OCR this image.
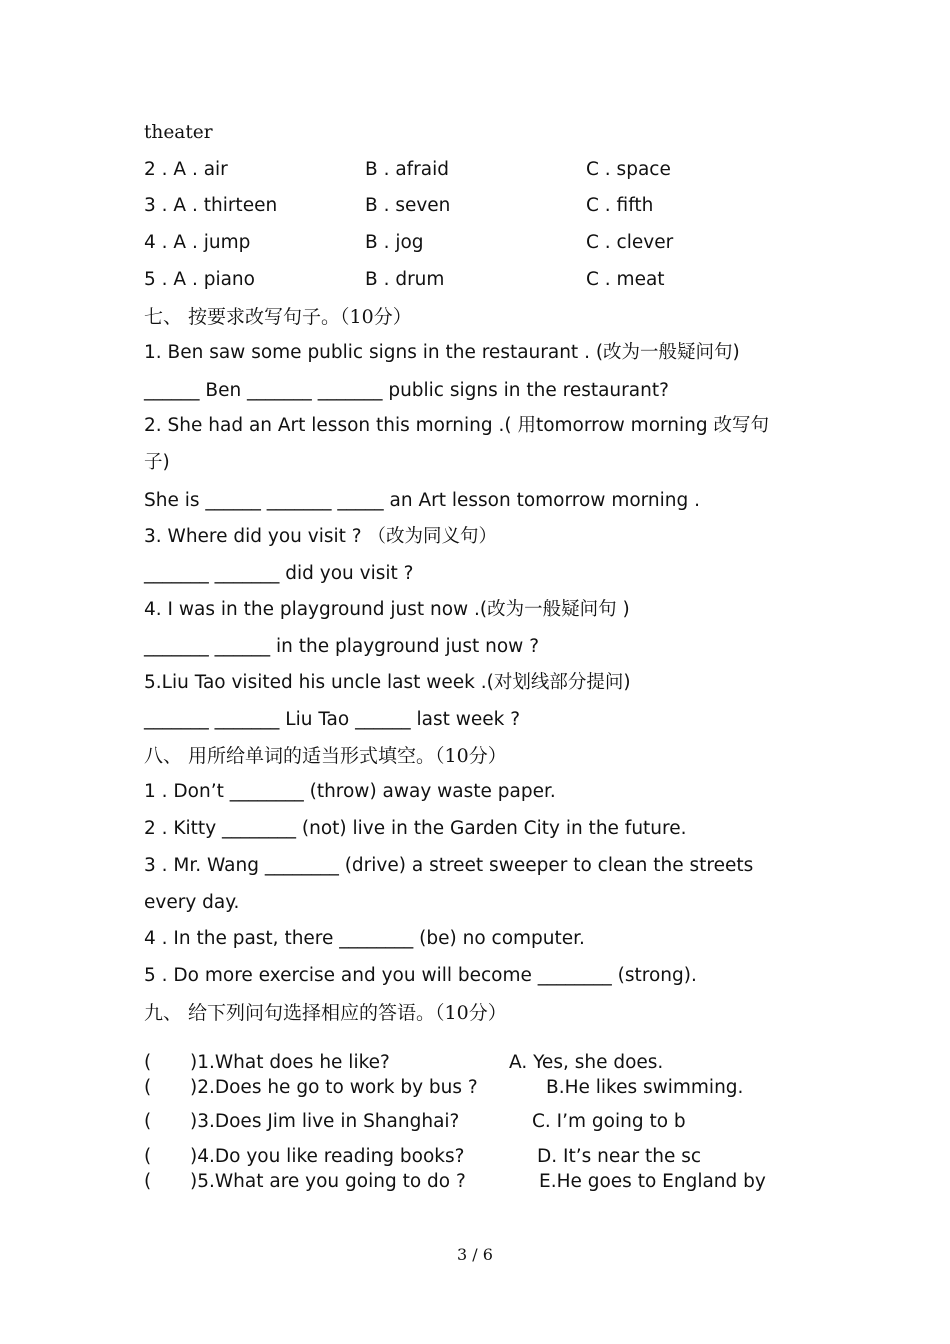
theater
2 . A . air	B . afraid	C . space
3 . A . thirteen	B . seven	C . fifth
4 . A . jump	B . jog	C . clever
5 . A . piano	B . drum	C . meat
七、 按要求改写句子。（10分）
1. Ben saw some public signs in the restaurant . (改为一般疑问句)
______ Ben _______ _______ public signs in the restaurant?
2. She had an Art lesson this morning .( 用tomorrow morning 改写句
子)
She is ______ _______ _____ an Art lesson tomorrow morning .
3. Where did you visit ? （改为同义句）
_______ _______ did you visit ?
4. I was in the playground just now .(改为一般疑问句 )
_______ ______ in the playground just now ?
5.Liu Tao visited his uncle last week .(对划线部分提问)
_______ _______ Liu Tao ______ last week ?
八、 用所给单词的适当形式填空。（10分）
1 . Don’t ________ (throw) away waste paper.
2 . Kitty ________ (not) live in the Garden City in the future.
3 . Mr. Wang ________ (drive) a street sweeper to clean the streets
every day.
4 . In the past, there ________ (be) no computer.
5 . Do more exercise and you will become ________ (strong).
九、 给下列问句选择相应的答语。（10分）
( )1.What does he like?	A. Yes, she does.
( )2.Does he go to work by bus ?	B.He likes swimming.
( )3.Does Jim live in Shanghai?	C. I’m going to b
( )4.Do you like reading books?	D. It’s near the sc
( )5.What are you going to do ?	E.He goes to England by
3 / 6
